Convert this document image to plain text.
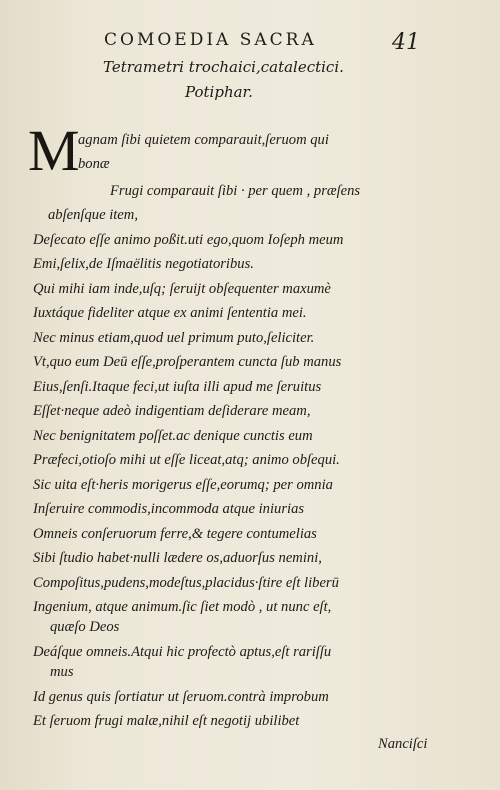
COMOEDIA SACRA	41
Tetrametri trochaici,catalectici.
Potiphar.
M
agnam ſibi quietem comparauit,ſeruom qui
bonæ
Frugi comparauit ſibi · per quem , præſens
abſenſque item,
Deſecato eſſe animo poßit.uti ego,quom Ioſeph meum
Emi,ſelix,de Iſmaëlitis negotiatoribus.
Qui mihi iam inde,uſq; ſeruijt obſequenter maxumè
Iuxtáque fideliter atque ex animi ſententia mei.
Nec minus etiam,quod uel primum puto,ſeliciter.
Vt,quo eum Deū eſſe,proſperantem cuncta ſub manus
Eius,ſenſi.Itaque feci,ut iuſta illi apud me ſeruitus
Eſſet·neque adeò indigentiam deſiderare meam,
Nec benignitatem poſſet.ac denique cunctis eum
Præfeci,otioſo mihi ut eſſe liceat,atq; animo obſequi.
Sic uita eſt·heris morigerus eſſe,eorumq; per omnia
Inſeruire commodis,incommoda atque iniurias
Omneis conſeruorum ferre,& tegere contumelias
Sibi ſtudio habet·nulli lædere os,aduorſus nemini,
Compoſitus,pudens,modeſtus,placidus·ſtire eſt liberū
Ingenium, atque animum.ſic ſiet modò , ut nunc eſt,
quæſo Deos
Deáſque omneis.Atqui hic profectò aptus,eſt rariſſu
mus
Id genus quis ſortiatur ut ſeruom.contrà improbum
Et ſeruom frugi malæ,nihil eſt negotij ubilibet
Nanciſci
